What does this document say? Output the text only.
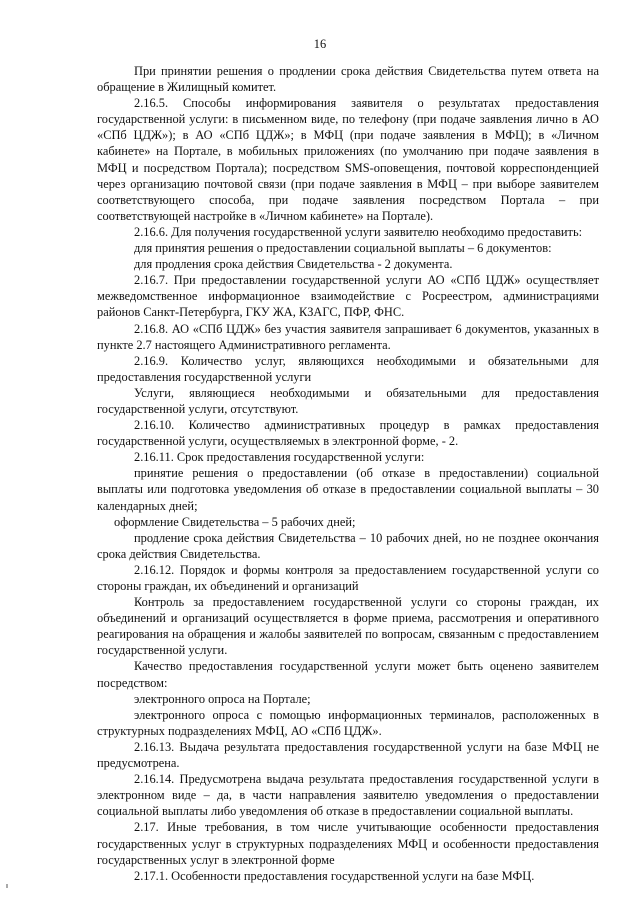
16

При принятии решения о продлении срока действия Свидетельства путем ответа на обращение в Жилищный комитет.

2.16.5. Способы информирования заявителя о результатах предоставления государственной услуги: в письменном виде, по телефону (при подаче заявления лично в АО «СПб ЦДЖ»); в АО «СПб ЦДЖ»; в МФЦ (при подаче заявления в МФЦ); в «Личном кабинете» на Портале, в мобильных приложениях (по умолчанию при подаче заявления в МФЦ и посредством Портала); посредством SMS-оповещения, почтовой корреспонденцией через организацию почтовой связи (при подаче заявления в МФЦ – при выборе заявителем соответствующего способа, при подаче заявления посредством Портала – при соответствующей настройке в «Личном кабинете» на Портале).

2.16.6. Для получения государственной услуги заявителю необходимо предоставить:

для принятия решения о предоставлении социальной выплаты – 6 документов:

для продления срока действия Свидетельства - 2 документа.

2.16.7. При предоставлении государственной услуги АО «СПб ЦДЖ» осуществляет межведомственное информационное взаимодействие с Росреестром, администрациями районов Санкт-Петербурга, ГКУ ЖА, КЗАГС, ПФР, ФНС.

2.16.8. АО «СПб ЦДЖ» без участия заявителя запрашивает 6 документов, указанных в пункте 2.7 настоящего Административного регламента.

2.16.9. Количество услуг, являющихся необходимыми и обязательными для предоставления государственной услуги

Услуги, являющиеся необходимыми и обязательными для предоставления государственной услуги, отсутствуют.

2.16.10. Количество административных процедур в рамках предоставления государственной услуги, осуществляемых в электронной форме, - 2.

2.16.11. Срок предоставления государственной услуги:

принятие решения о предоставлении (об отказе в предоставлении) социальной выплаты или подготовка уведомления об отказе в предоставлении социальной выплаты – 30 календарных дней;

оформление Свидетельства – 5 рабочих дней;

продление срока действия Свидетельства – 10 рабочих дней, но не позднее окончания срока действия Свидетельства.

2.16.12. Порядок и формы контроля за предоставлением государственной услуги со стороны граждан, их объединений и организаций

Контроль за предоставлением государственной услуги со стороны граждан, их объединений и организаций осуществляется в форме приема, рассмотрения и оперативного реагирования на обращения и жалобы заявителей по вопросам, связанным с предоставлением государственной услуги.

Качество предоставления государственной услуги может быть оценено заявителем посредством:

электронного опроса на Портале;

электронного опроса с помощью информационных терминалов, расположенных в структурных подразделениях МФЦ, АО «СПб ЦДЖ».

2.16.13. Выдача результата предоставления государственной услуги на базе МФЦ не предусмотрена.

2.16.14. Предусмотрена выдача результата предоставления государственной услуги в электронном виде – да, в части направления заявителю уведомления о предоставлении социальной выплаты либо уведомления об отказе в предоставлении социальной выплаты.

2.17. Иные требования, в том числе учитывающие особенности предоставления государственных услуг в структурных подразделениях МФЦ и особенности предоставления государственных услуг в электронной форме

2.17.1. Особенности предоставления государственной услуги на базе МФЦ.
